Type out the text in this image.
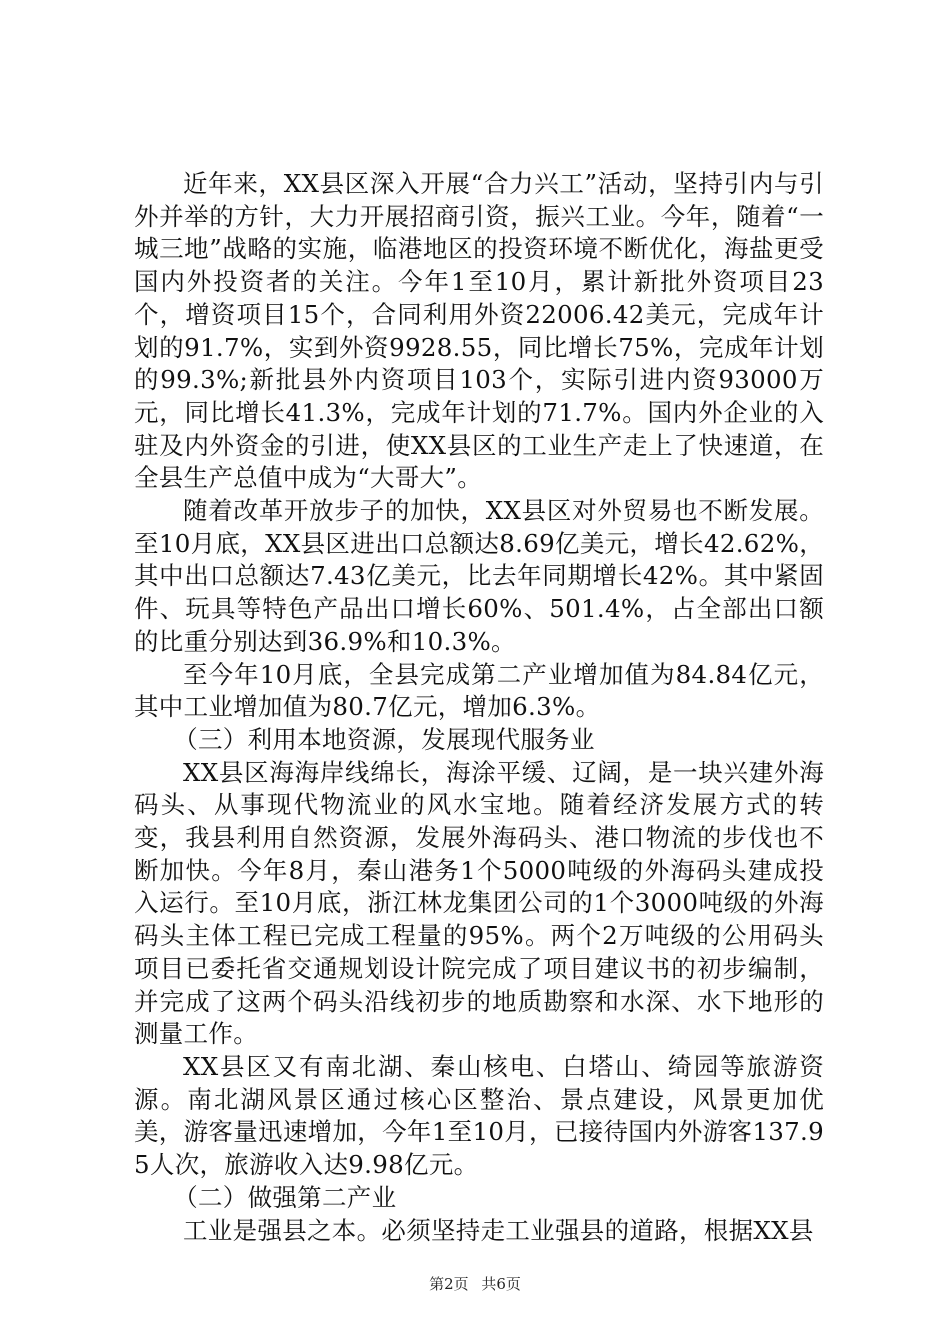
近年来，XX县区深入开展“合力兴工”活动，坚持引内与引外并举的方针，大力开展招商引资，振兴工业。今年，随着“一城三地”战略的实施，临港地区的投资环境不断优化，海盐更受国内外投资者的关注。今年1至10月，累计新批外资项目23个，增资项目15个，合同利用外资22006.42美元，完成年计划的91.7%，实到外资9928.55，同比增长75%，完成年计划的99.3%;新批县外内资项目103个，实际引进内资93000万元，同比增长41.3%，完成年计划的71.7%。国内外企业的入驻及内外资金的引进，使XX县区的工业生产走上了快速道，在全县生产总值中成为“大哥大”。

随着改革开放步子的加快，XX县区对外贸易也不断发展。至10月底，XX县区进出口总额达8.69亿美元，增长42.62%，其中出口总额达7.43亿美元，比去年同期增长42%。其中紧固件、玩具等特色产品出口增长60%、501.4%，占全部出口额的比重分别达到36.9%和10.3%。

至今年10月底，全县完成第二产业增加值为84.84亿元，其中工业增加值为80.7亿元，增加6.3%。

（三）利用本地资源，发展现代服务业

XX县区海海岸线绵长，海涂平缓、辽阔，是一块兴建外海码头、从事现代物流业的风水宝地。随着经济发展方式的转变，我县利用自然资源，发展外海码头、港口物流的步伐也不断加快。今年8月，秦山港务1个5000吨级的外海码头建成投入运行。至10月底，浙江林龙集团公司的1个3000吨级的外海码头主体工程已完成工程量的95%。两个2万吨级的公用码头项目已委托省交通规划设计院完成了项目建议书的初步编制，并完成了这两个码头沿线初步的地质勘察和水深、水下地形的测量工作。

XX县区又有南北湖、秦山核电、白塔山、绮园等旅游资源。南北湖风景区通过核心区整治、景点建设，风景更加优美，游客量迅速增加，今年1至10月，已接待国内外游客137.95人次，旅游收入达9.98亿元。

（二）做强第二产业

工业是强县之本。必须坚持走工业强县的道路，根据XX县

第2页 共6页
